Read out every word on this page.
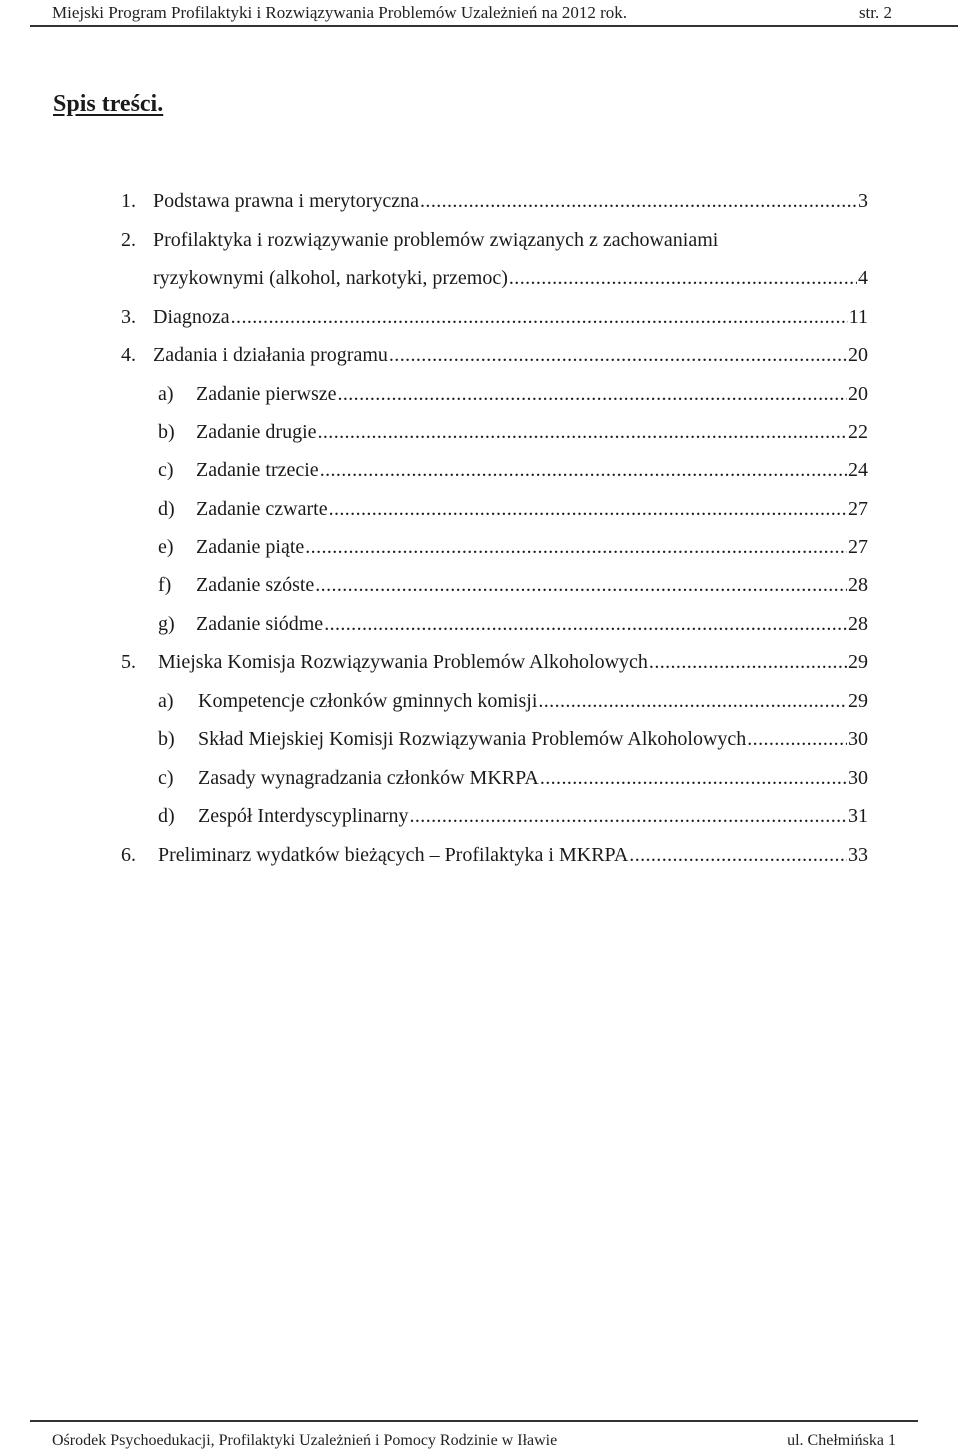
Miejski Program Profilaktyki i Rozwiązywania Problemów Uzależnień na 2012 rok.	str. 2
Spis treści.
1. Podstawa prawna i merytoryczna .....	3
2. Profilaktyka i rozwiązywanie problemów związanych z zachowaniami
ryzykownymi (alkohol, narkotyki, przemoc) .....	4
3. Diagnoza .....	11
4. Zadania i działania programu .....	20
a)	Zadanie pierwsze .....	20
b)	Zadanie drugie .....	22
c)	Zadanie trzecie .....	24
d)	Zadanie czwarte .....	27
e)	Zadanie piąte .....	27
f)	Zadanie szóste .....	28
g)	Zadanie siódme .....	28
5.	Miejska Komisja Rozwiązywania Problemów Alkoholowych .....	29
a)	Kompetencje członków gminnych komisji .....	29
b)	Skład Miejskiej Komisji Rozwiązywania Problemów Alkoholowych .....	30
c)	Zasady wynagradzania członków MKRPA .....	30
d)	Zespół Interdyscyplinarny .....	31
6.	Preliminarz wydatków bieżących – Profilaktyka i MKRPA .....	33
Ośrodek Psychoedukacji, Profilaktyki Uzależnień i Pomocy Rodzinie w Iławie	ul. Chełmińska 1
